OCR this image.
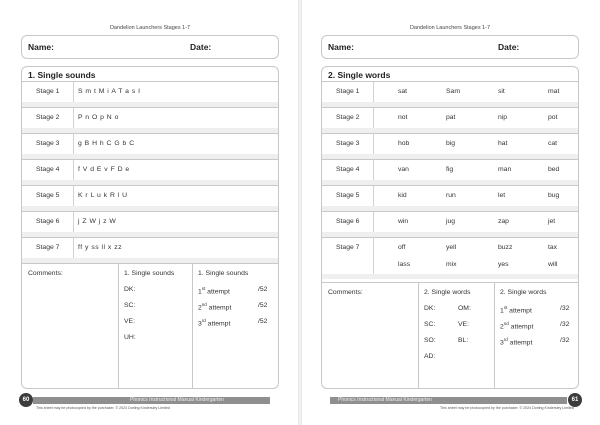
Dandelion Launchers Stages 1-7
Name:	Date:
1. Single sounds
Stage 1	S m t M i A T a s I
Stage 2	P n O p N o
Stage 3	g B H h C G b C
Stage 4	f V d E v F D e
Stage 5	K r L u k R l U
Stage 6	j Z W j z W
Stage 7	ff y ss ll x zz
Comments:	1. Single sounds
DK:
SC:
VE:
UH:
1. Single sounds
1st attempt	/52
2nd attempt	/52
3rd attempt	/52
60	Phonics Instructional Manual Kindergarten
This sheet may be photocopied by the purchaser. © 2024 Dorling Kindersley Limited
Dandelion Launchers Stages 1-7
Name:	Date:
2. Single words
Stage 1	sat	Sam	sit	mat
Stage 2	not	pat	nip	pot
Stage 3	hob	big	hat	cat
Stage 4	van	fig	man	bed
Stage 5	kid	run	let	bug
Stage 6	win	jug	zap	jet
Stage 7	off	yell	buzz	tax
lass	mix	yes	will
Comments:	2. Single words
DK:
SC:
SO:
AD:
OM:
VE:
BL:
2. Single words
1st attempt	/32
2nd attempt	/32
3rd attempt	/32
Phonics Instructional Manual Kindergarten	61
This sheet may be photocopied by the purchaser. © 2024 Dorling Kindersley Limited
